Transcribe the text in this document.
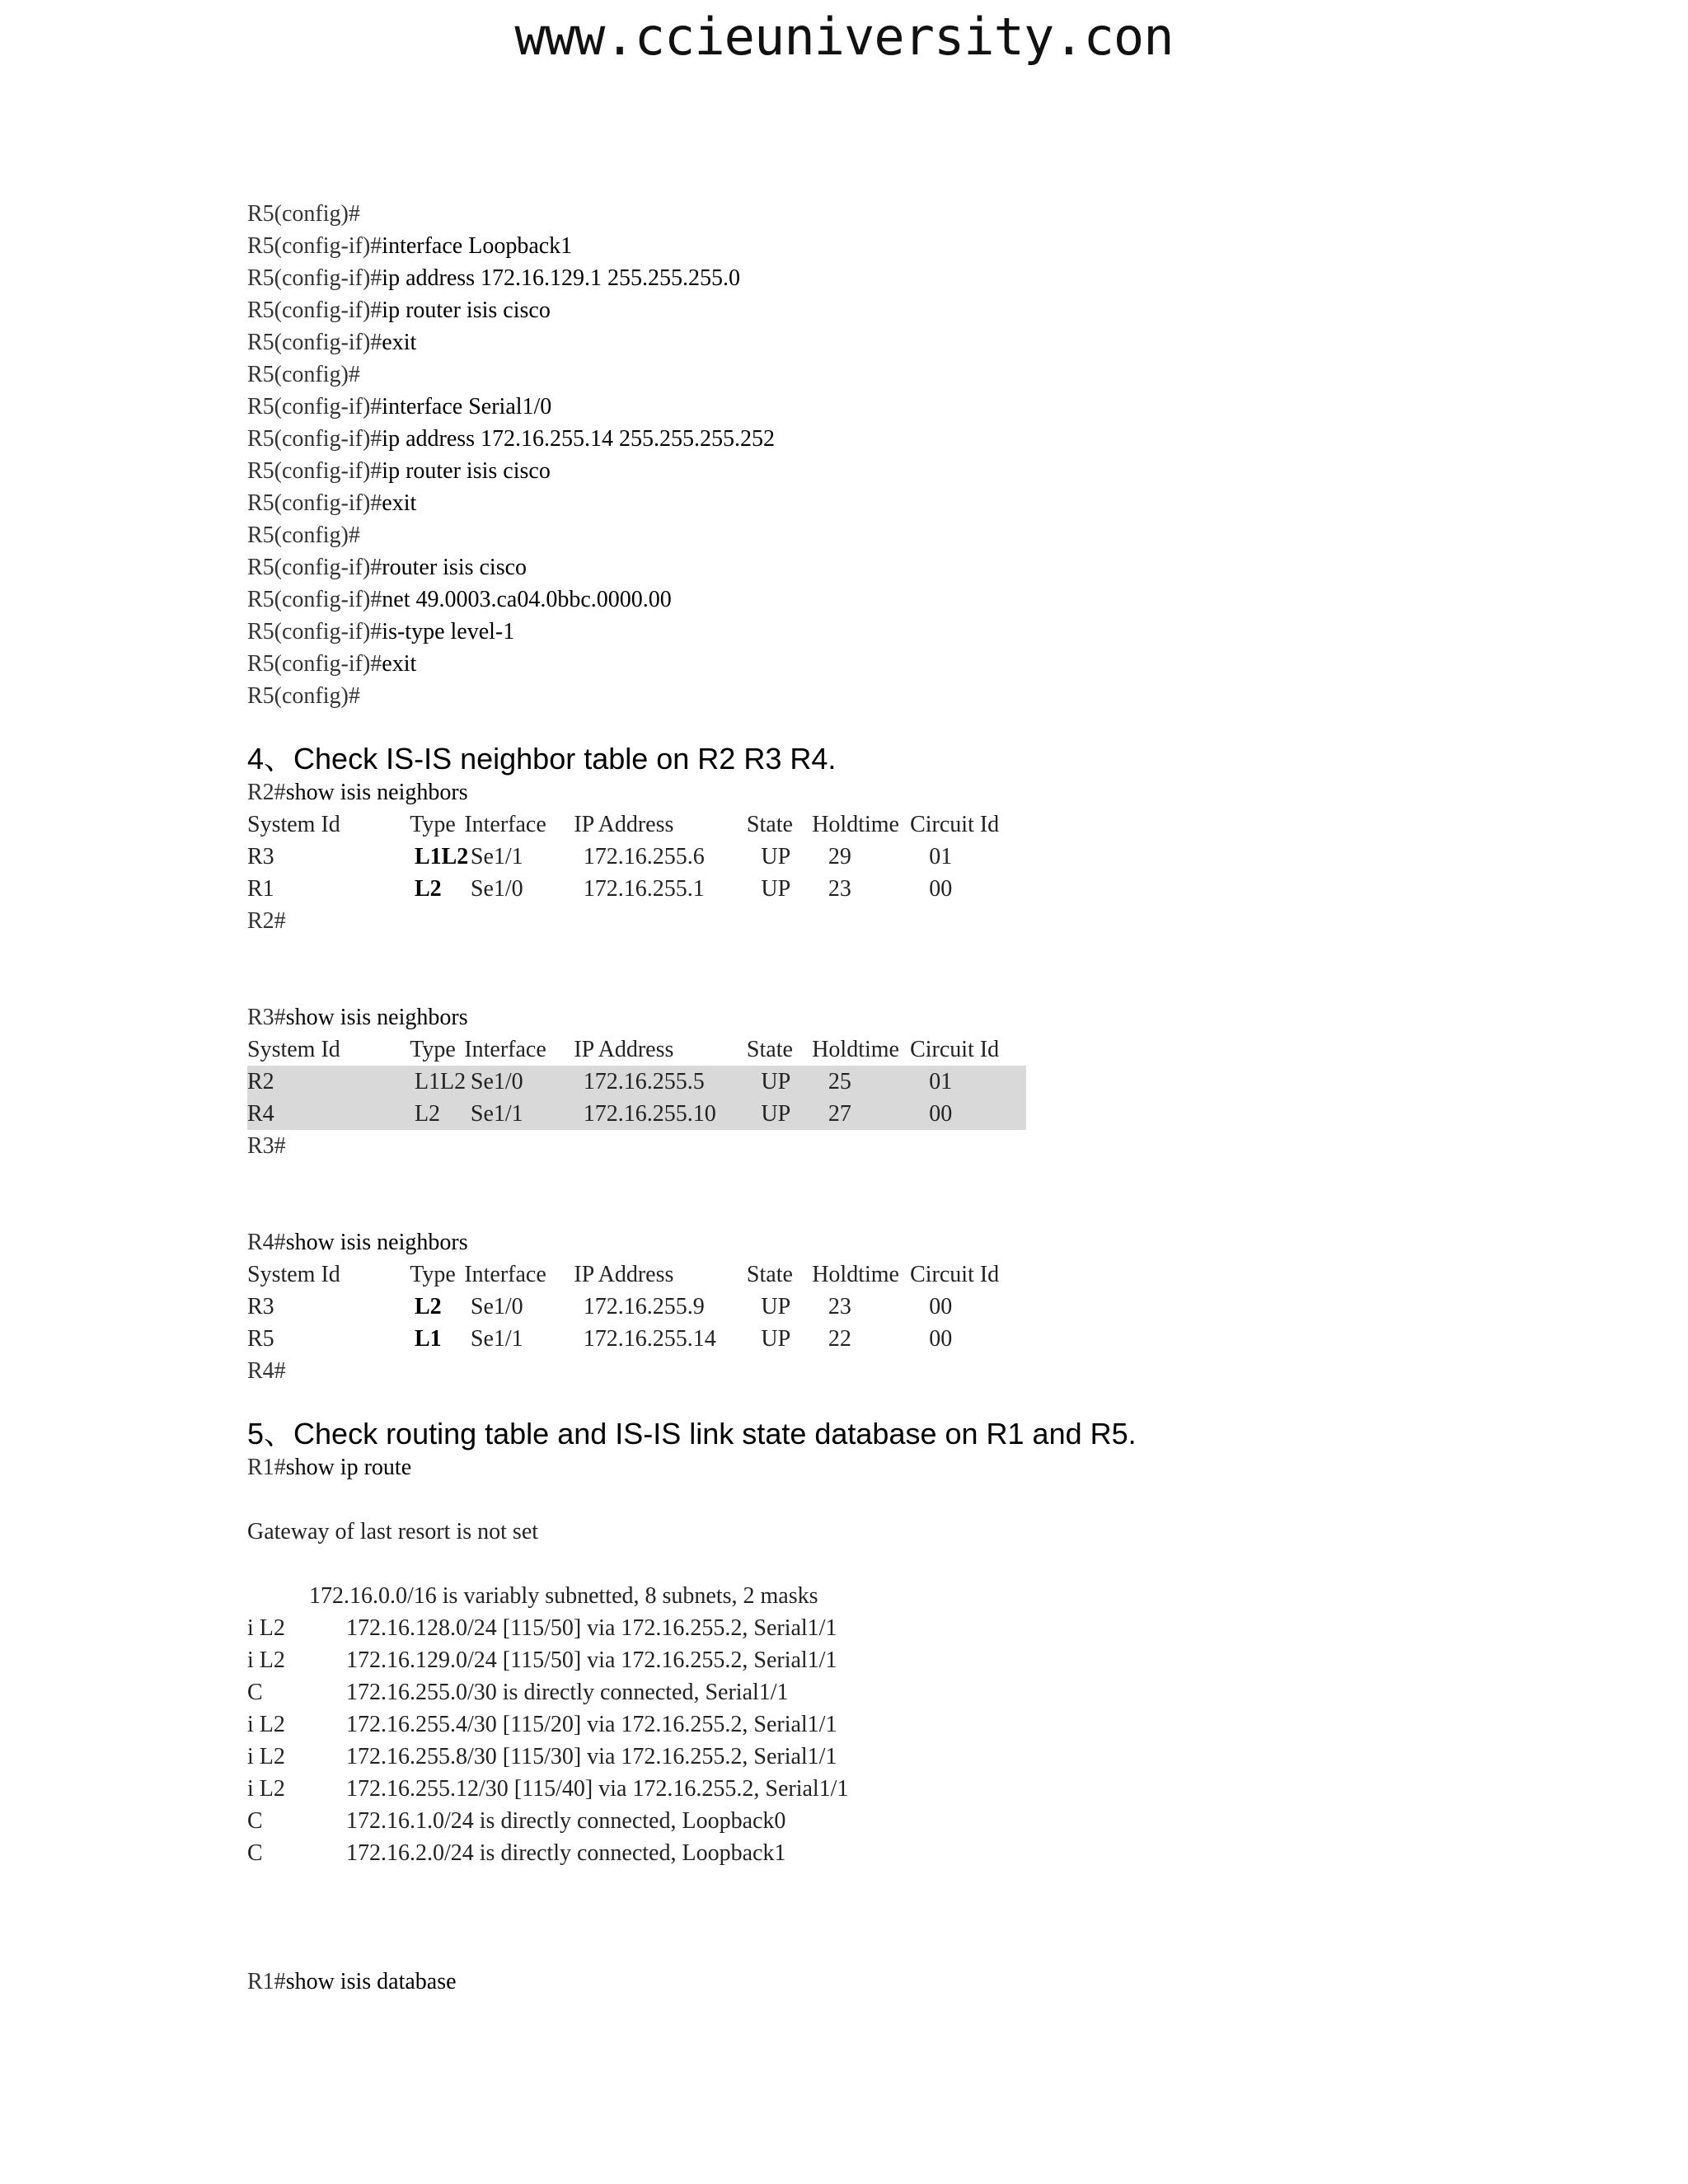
www.ccieuniversity.con
R5(config)#
R5(config-if)#interface Loopback1
R5(config-if)#ip address 172.16.129.1 255.255.255.0
R5(config-if)#ip router isis cisco
R5(config-if)#exit
R5(config)#
R5(config-if)#interface Serial1/0
R5(config-if)#ip address 172.16.255.14 255.255.255.252
R5(config-if)#ip router isis cisco
R5(config-if)#exit
R5(config)#
R5(config-if)#router isis cisco
R5(config-if)#net 49.0003.ca04.0bbc.0000.00
R5(config-if)#is-type level-1
R5(config-if)#exit
R5(config)#
4、Check IS-IS neighbor table on R2 R3 R4.
R2#show isis neighbors
System Id	Type Interface	IP Address	State Holdtime Circuit Id
R3	L1L2 Se1/1	172.16.255.6	UP	29	01
R1	L2	Se1/0	172.16.255.1	UP	23	00
R2#
R3#show isis neighbors
System Id	Type Interface	IP Address	State Holdtime Circuit Id
R2	L1L2 Se1/0	172.16.255.5	UP	25	01
R4	L2	Se1/1	172.16.255.10	UP	27	00
R3#
R4#show isis neighbors
System Id	Type Interface	IP Address	State Holdtime Circuit Id
R3	L2	Se1/0	172.16.255.9	UP	23	00
R5	L1	Se1/1	172.16.255.14	UP	22	00
R4#
5、Check routing table and IS-IS link state database on R1 and R5.
R1#show ip route
Gateway of last resort is not set
172.16.0.0/16 is variably subnetted, 8 subnets, 2 masks
i L2	172.16.128.0/24 [115/50] via 172.16.255.2, Serial1/1
i L2	172.16.129.0/24 [115/50] via 172.16.255.2, Serial1/1
C	172.16.255.0/30 is directly connected, Serial1/1
i L2	172.16.255.4/30 [115/20] via 172.16.255.2, Serial1/1
i L2	172.16.255.8/30 [115/30] via 172.16.255.2, Serial1/1
i L2	172.16.255.12/30 [115/40] via 172.16.255.2, Serial1/1
C	172.16.1.0/24 is directly connected, Loopback0
C	172.16.2.0/24 is directly connected, Loopback1
R1#show isis database
